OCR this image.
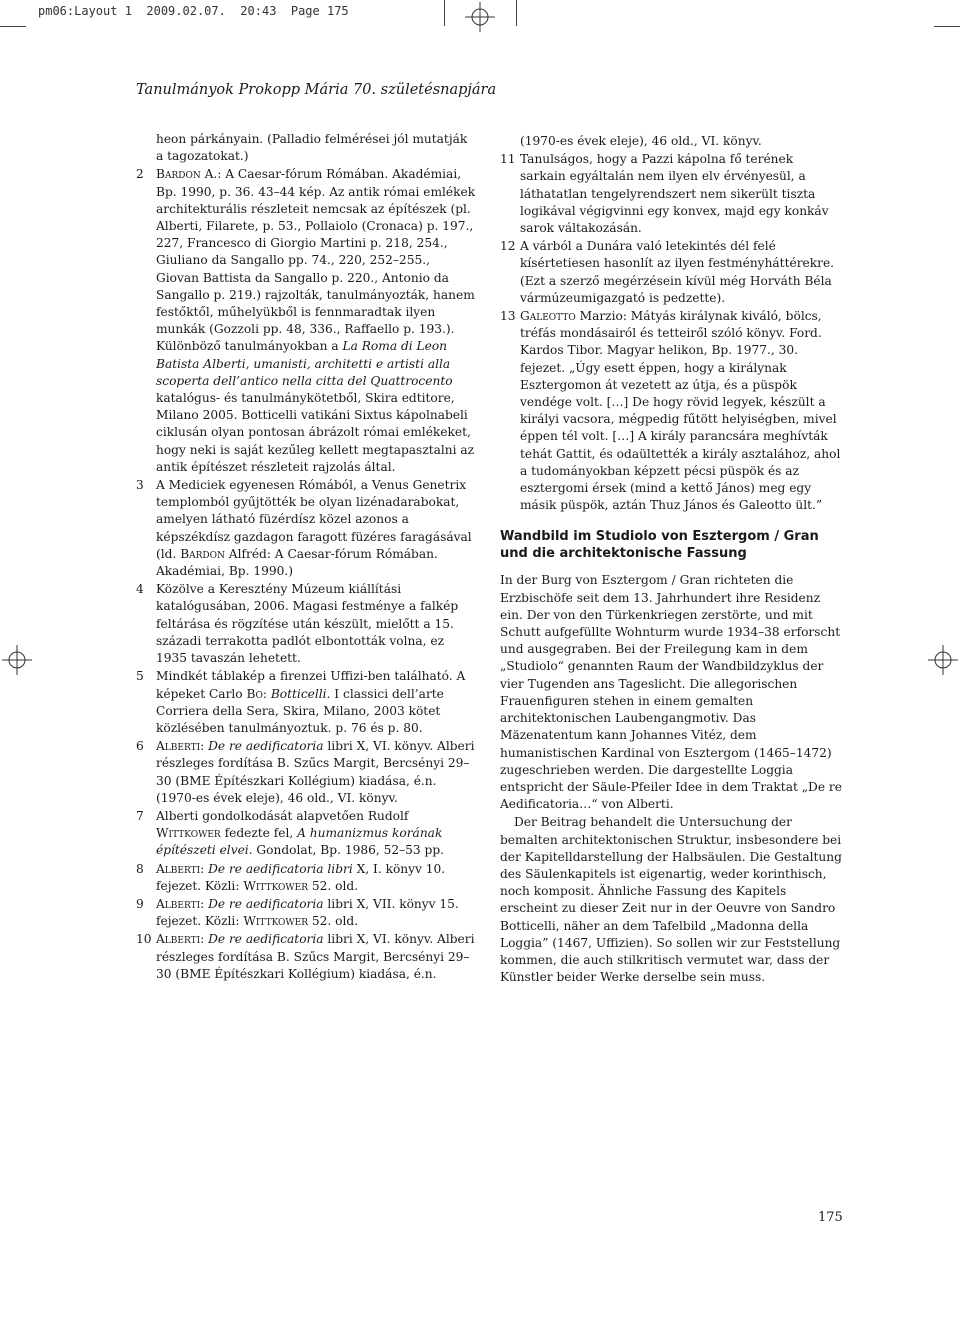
pm06:Layout 1  2009.02.07.  20:43  Page 175
Tanulmányok Prokopp Mária 70. születésnapjára
heon párkányain. (Palladio felmérései jól mutatják a tagozatokat.)
2 Bardon A.: A Caesar-fórum Rómában. Akadémiai, Bp. 1990, p. 36. 43–44 kép. Az antik római emlékek architekturális részleteit nemcsak az építészek (pl. Alberti, Filarete, p. 53., Pollaiolo (Cronaca) p. 197., 227, Francesco di Giorgio Martini p. 218, 254., Giuliano da Sangallo pp. 74., 220, 252–255., Giovan Battista da Sangallo p. 220., Antonio da Sangallo p. 219.) rajzolták, tanulmányozták, hanem festőktől, műhelyükből is fennmaradtak ilyen munkák (Gozzoli pp. 48, 336., Raffaello p. 193.). Különböző tanulmányokban a La Roma di Leon Batista Alberti, umanisti, architetti e artisti alla scoperta dell’antico nella citta del Quattrocento katalógus- és tanulmánykötetből, Skira edtitore, Milano 2005. Botticelli vatikáni Sixtus kápolnabeli ciklusán olyan pontosan ábrázolt római emlékeket, hogy neki is saját kezűleg kellett megtapasztalni az antik építészet részleteit rajzolás által.
3 A Mediciek egyenesen Rómából, a Venus Genetrix templomból gyűjtötték be olyan lizénadarabokat, amelyen látható füzérdísz közel azonos a képszékdísz gazdagon faragott füzéres faragásával (ld. Bardon Alfréd: A Caesar-fórum Rómában. Akadémiai, Bp. 1990.)
4 Közölve a Keresztény Múzeum kiállítási katalógusában, 2006. Magasi festménye a falkép feltárása és rögzítése után készült, mielőtt a 15. századi terrakotta padlót elbontották volna, ez 1935 tavaszán lehetett.
5 Mindkét táblakép a firenzei Uffizi-ben található. A képeket Carlo Bo: Botticelli. I classici dell’arte Corriera della Sera, Skira, Milano, 2003 kötet közlésében tanulmányoztuk. p. 76 és p. 80.
6 Alberti: De re aedificatoria libri X, VI. könyv. Alberi részleges fordítása B. Szűcs Margit, Bercsényi 29–30 (BME Építészkari Kollégium) kiadása, é.n. (1970-es évek eleje), 46 old., VI. könyv.
7 Alberti gondolkodását alapvetően Rudolf Wittkower fedezte fel, A humanizmus korának építészeti elvei. Gondolat, Bp. 1986, 52–53 pp.
8 Alberti: De re aedificatoria libri X, I. könyv 10. fejezet. Közli: Wittkower 52. old.
9 Alberti: De re aedificatoria libri X, VII. könyv 15. fejezet. Közli: Wittkower 52. old.
10 Alberti: De re aedificatoria libri X, VI. könyv. Alberi részleges fordítása B. Szűcs Margit, Bercsényi 29–30 (BME Építészkari Kollégium) kiadása, é.n.
(1970-es évek eleje), 46 old., VI. könyv.
11 Tanulságos, hogy a Pazzi kápolna fő terének sarkain egyáltalán nem ilyen elv érvényesül, a láthatatlan tengelyrendszert nem sikerült tiszta logikával végigvinni egy konvex, majd egy konkáv sarok váltakozásán.
12 A várból a Dunára való letekintés dél felé kísértetiesen hasonlít az ilyen festményháttérekre. (Ezt a szerző megérzésein kívül még Horváth Béla vármúzeumigazgató is pedzette).
13 Galeotto Marzio: Mátyás királynak kiváló, bölcs, tréfás mondásairól és tetteiről szóló könyv. Ford. Kardos Tibor. Magyar helikon, Bp. 1977., 30. fejezet. „Úgy esett éppen, hogy a királynak Esztergomon át vezetett az útja, és a püspök vendége volt. […] De hogy rövid legyek, készült a királyi vacsora, mégpedig fűtött helyiségben, mivel éppen tél volt. […] A király parancsára meghívták tehát Gattit, és odaültették a király asztalához, ahol a tudományokban képzett pécsi püspök és az esztergomi érsek (mind a kettő János) meg egy másik püspök, aztán Thuz János és Galeotto ült.”
Wandbild im Studiolo von Esztergom / Gran und die architektonische Fassung

In der Burg von Esztergom / Gran richteten die Erzbischöfe seit dem 13. Jahrhundert ihre Residenz ein. Der von den Türkenkriegen zerstörte, und mit Schutt aufgefüllte Wohnturm wurde 1934–38 erforscht und ausgegraben. Bei der Freilegung kam in dem „Studiolo“ genannten Raum der Wandbildzyklus der vier Tugenden ans Tageslicht. Die allegorischen Frauenfiguren stehen in einem gemalten architektonischen Laubengangmotiv. Das Mäzenatentum kann Johannes Vitéz, dem humanistischen Kardinal von Esztergom (1465–1472) zugeschrieben werden. Die dargestellte Loggia entspricht der Säule-Pfeiler Idee in dem Traktat „De re Aedificatoria…“ von Alberti.

Der Beitrag behandelt die Untersuchung der bemalten architektonischen Struktur, insbesondere bei der Kapitelldarstellung der Halbsäulen. Die Gestaltung des Säulenkapitels ist eigenartig, weder korinthisch, noch komposit. Ähnliche Fassung des Kapitels erscheint zu dieser Zeit nur in der Oeuvre von Sandro Botticelli, näher an dem Tafelbild „Madonna della Loggia” (1467, Uffizien). So sollen wir zur Feststellung kommen, die auch stilkritisch vermutet war, dass der Künstler beider Werke derselbe sein muss.

175
